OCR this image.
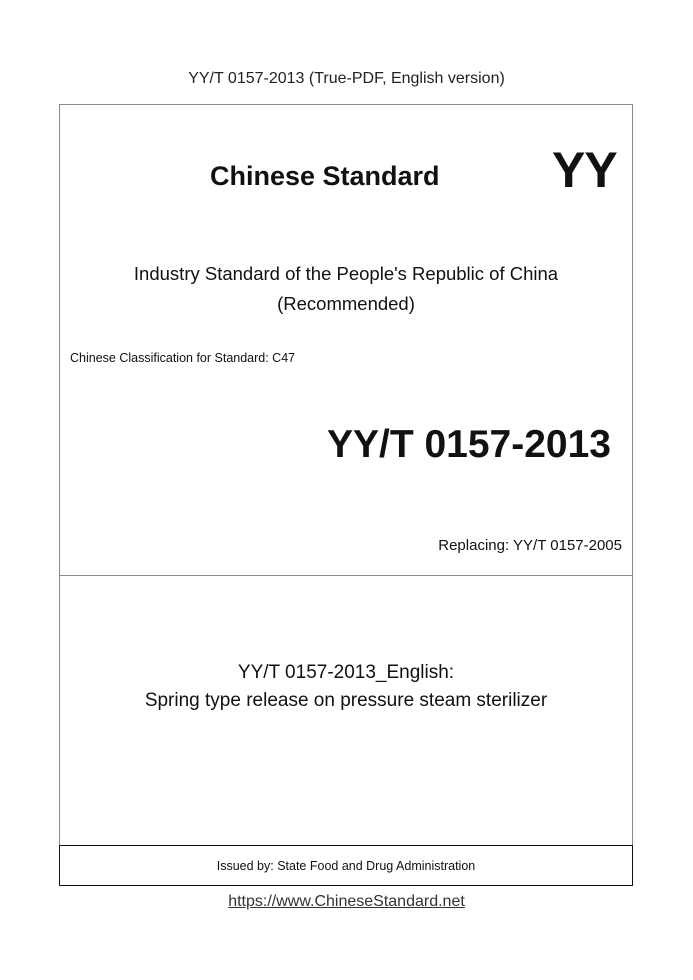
YY/T 0157-2013 (True-PDF, English version)
Chinese Standard YY
Industry Standard of the People's Republic of China
(Recommended)
Chinese Classification for Standard: C47
YY/T 0157-2013
Replacing: YY/T 0157-2005
YY/T 0157-2013_English:
Spring type release on pressure steam sterilizer
Issued by: State Food and Drug Administration
https://www.ChineseStandard.net
